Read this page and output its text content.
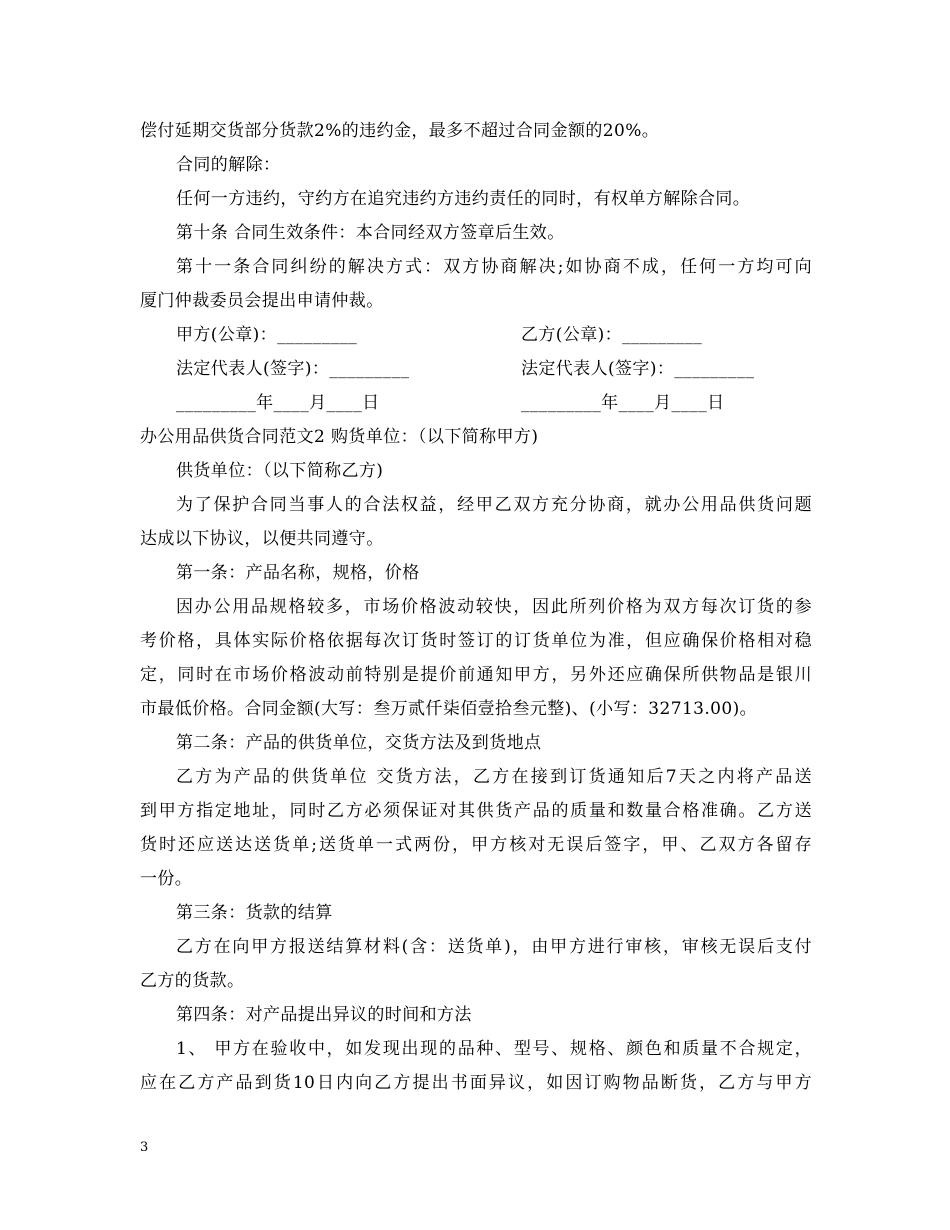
偿付延期交货部分货款2%的违约金，最多不超过合同金额的20%。
合同的解除：
任何一方违约，守约方在追究违约方违约责任的同时，有权单方解除合同。
第十条 合同生效条件：本合同经双方签章后生效。
第十一条合同纠纷的解决方式：双方协商解决;如协商不成，任何一方均可向
厦门仲裁委员会提出申请仲裁。
甲方(公章)：_________	乙方(公章)：_________
法定代表人(签字)：_________	法定代表人(签字)：_________
_________年____月____日	_________年____月____日
办公用品供货合同范文2 购货单位：（以下简称甲方)
供货单位：（以下简称乙方)
为了保护合同当事人的合法权益，经甲乙双方充分协商，就办公用品供货问题
达成以下协议，以便共同遵守。
第一条：产品名称，规格，价格
因办公用品规格较多，市场价格波动较快，因此所列价格为双方每次订货的参
考价格，具体实际价格依据每次订货时签订的订货单位为准，但应确保价格相对稳
定，同时在市场价格波动前特别是提价前通知甲方，另外还应确保所供物品是银川
市最低价格。合同金额(大写：叁万贰仟柒佰壹拾叁元整)、(小写：32713.00)。
第二条：产品的供货单位，交货方法及到货地点
乙方为产品的供货单位 交货方法，乙方在接到订货通知后7天之内将产品送
到甲方指定地址，同时乙方必须保证对其供货产品的质量和数量合格准确。乙方送
货时还应送达送货单;送货单一式两份，甲方核对无误后签字，甲、乙双方各留存
一份。
第三条：货款的结算
乙方在向甲方报送结算材料(含：送货单)，由甲方进行审核，审核无误后支付
乙方的货款。
第四条：对产品提出异议的时间和方法
1、 甲方在验收中，如发现出现的品种、型号、规格、颜色和质量不合规定，
应在乙方产品到货10日内向乙方提出书面异议，如因订购物品断货，乙方与甲方
3
